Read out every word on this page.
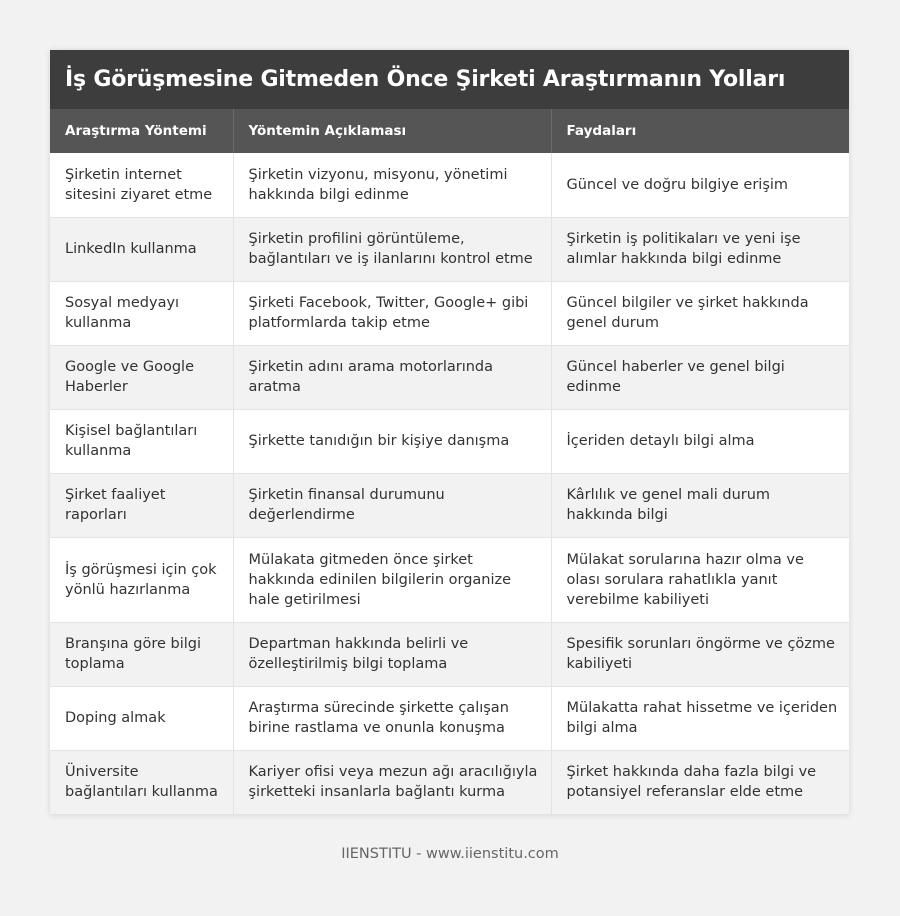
İş Görüşmesine Gitmeden Önce Şirketi Araştırmanın Yolları
Araştırma Yöntemi	Yöntemin Açıklaması	Faydaları
Şirketin internet sitesini ziyaret etme	Şirketin vizyonu, misyonu, yönetimi hakkında bilgi edinme	Güncel ve doğru bilgiye erişim
LinkedIn kullanma	Şirketin profilini görüntüleme, bağlantıları ve iş ilanlarını kontrol etme	Şirketin iş politikaları ve yeni işe alımlar hakkında bilgi edinme
Sosyal medyayı kullanma	Şirketi Facebook, Twitter, Google+ gibi platformlarda takip etme	Güncel bilgiler ve şirket hakkında genel durum
Google ve Google Haberler	Şirketin adını arama motorlarında aratma	Güncel haberler ve genel bilgi edinme
Kişisel bağlantıları kullanma	Şirkette tanıdığın bir kişiye danışma	İçeriden detaylı bilgi alma
Şirket faaliyet raporları	Şirketin finansal durumunu değerlendirme	Kârlılık ve genel mali durum hakkında bilgi
İş görüşmesi için çok yönlü hazırlanma	Mülakata gitmeden önce şirket hakkında edinilen bilgilerin organize hale getirilmesi	Mülakat sorularına hazır olma ve olası sorulara rahatlıkla yanıt verebilme kabiliyeti
Branşına göre bilgi toplama	Departman hakkında belirli ve özelleştirilmiş bilgi toplama	Spesifik sorunları öngörme ve çözme kabiliyeti
Doping almak	Araştırma sürecinde şirkette çalışan birine rastlama ve onunla konuşma	Mülakatta rahat hissetme ve içeriden bilgi alma
Üniversite bağlantıları kullanma	Kariyer ofisi veya mezun ağı aracılığıyla şirketteki insanlarla bağlantı kurma	Şirket hakkında daha fazla bilgi ve potansiyel referanslar elde etme
IIENSTITU - www.iienstitu.com
